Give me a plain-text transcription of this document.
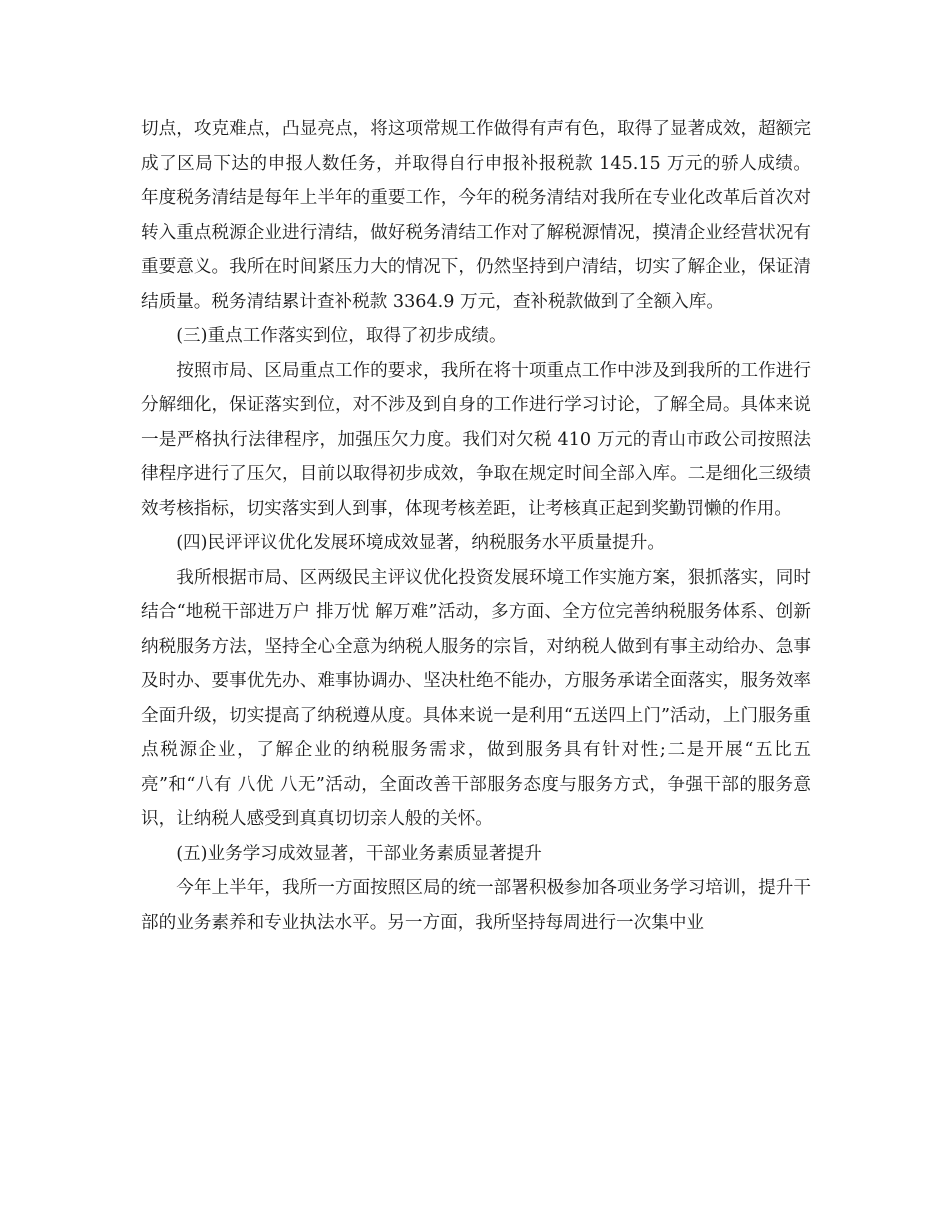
切点，攻克难点，凸显亮点，将这项常规工作做得有声有色，取得了显著成效，超额完成了区局下达的申报人数任务，并取得自行申报补报税款 145.15 万元的骄人成绩。年度税务清结是每年上半年的重要工作，今年的税务清结对我所在专业化改革后首次对转入重点税源企业进行清结，做好税务清结工作对了解税源情况，摸清企业经营状况有重要意义。我所在时间紧压力大的情况下，仍然坚持到户清结，切实了解企业，保证清结质量。税务清结累计查补税款 3364.9 万元，查补税款做到了全额入库。

(三)重点工作落实到位，取得了初步成绩。

按照市局、区局重点工作的要求，我所在将十项重点工作中涉及到我所的工作进行分解细化，保证落实到位，对不涉及到自身的工作进行学习讨论，了解全局。具体来说一是严格执行法律程序，加强压欠力度。我们对欠税 410 万元的青山市政公司按照法律程序进行了压欠，目前以取得初步成效，争取在规定时间全部入库。二是细化三级绩效考核指标，切实落实到人到事，体现考核差距，让考核真正起到奖勤罚懒的作用。

(四)民评评议优化发展环境成效显著，纳税服务水平质量提升。

我所根据市局、区两级民主评议优化投资发展环境工作实施方案，狠抓落实，同时结合“地税干部进万户 排万忧 解万难”活动，多方面、全方位完善纳税服务体系、创新纳税服务方法，坚持全心全意为纳税人服务的宗旨，对纳税人做到有事主动给办、急事及时办、要事优先办、难事协调办、坚决杜绝不能办，方服务承诺全面落实，服务效率全面升级，切实提高了纳税遵从度。具体来说一是利用“五送四上门”活动，上门服务重点税源企业，了解企业的纳税服务需求，做到服务具有针对性;二是开展“五比五亮”和“八有 八优 八无”活动，全面改善干部服务态度与服务方式，争强干部的服务意识，让纳税人感受到真真切切亲人般的关怀。

(五)业务学习成效显著，干部业务素质显著提升

今年上半年，我所一方面按照区局的统一部署积极参加各项业务学习培训，提升干部的业务素养和专业执法水平。另一方面，我所坚持每周进行一次集中业
